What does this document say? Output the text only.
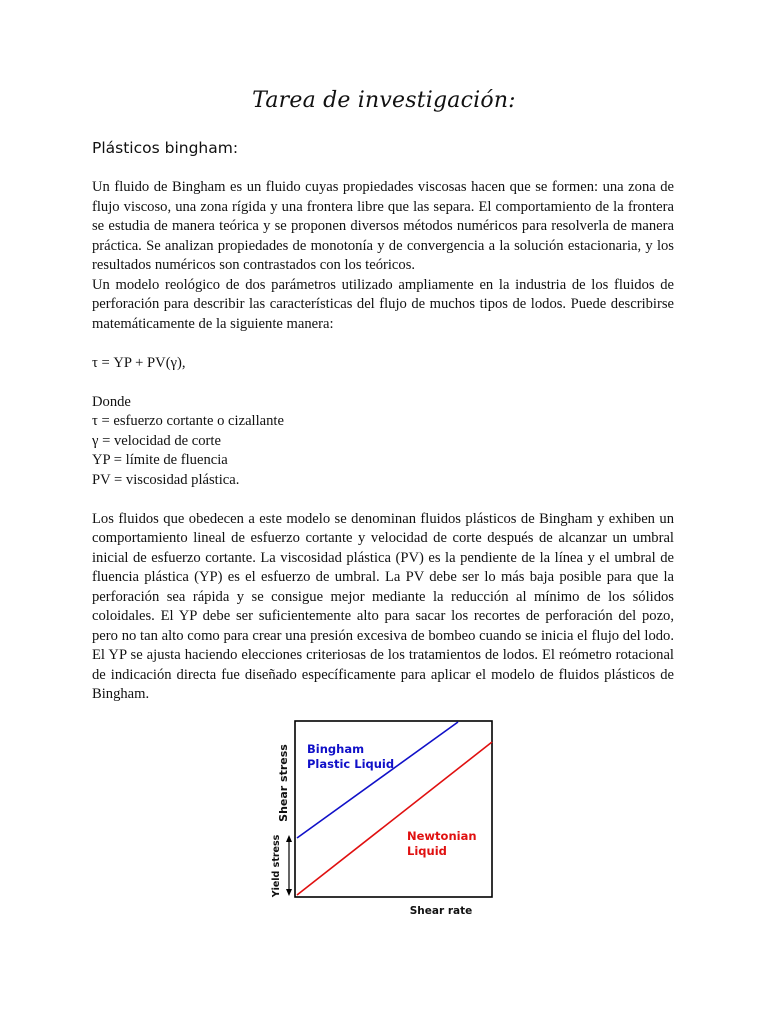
Tarea de investigación:
Plásticos bingham:

Un fluido de Bingham es un fluido cuyas propiedades viscosas hacen que se formen: una zona de flujo viscoso, una zona rígida y una frontera libre que las separa. El comportamiento de la frontera se estudia de manera teórica y se proponen diversos métodos numéricos para resolverla de manera práctica. Se analizan propiedades de monotonía y de convergencia a la solución estacionaria, y los resultados numéricos son contrastados con los teóricos.

Un modelo reológico de dos parámetros utilizado ampliamente en la industria de los fluidos de perforación para describir las características del flujo de muchos tipos de lodos. Puede describirse matemáticamente de la siguiente manera:

τ = YP + PV(γ),

Donde

τ = esfuerzo cortante o cizallante

γ = velocidad de corte

YP = límite de fluencia

PV = viscosidad plástica.

Los fluidos que obedecen a este modelo se denominan fluidos plásticos de Bingham y exhiben un comportamiento lineal de esfuerzo cortante y velocidad de corte después de alcanzar un umbral inicial de esfuerzo cortante. La viscosidad plástica (PV) es la pendiente de la línea y el umbral de fluencia plástica (YP) es el esfuerzo de umbral. La PV debe ser lo más baja posible para que la perforación sea rápida y se consigue mejor mediante la reducción al mínimo de los sólidos coloidales. El YP debe ser suficientemente alto para sacar los recortes de perforación del pozo, pero no tan alto como para crear una presión excesiva de bombeo cuando se inicia el flujo del lodo. El YP se ajusta haciendo elecciones criteriosas de los tratamientos de lodos. El reómetro rotacional de indicación directa fue diseñado específicamente para aplicar el modelo de fluidos plásticos de Bingham.

Shear stress
Yield stress
Shear rate
Bingham
Plastic Liquid
Newtonian
Liquid
